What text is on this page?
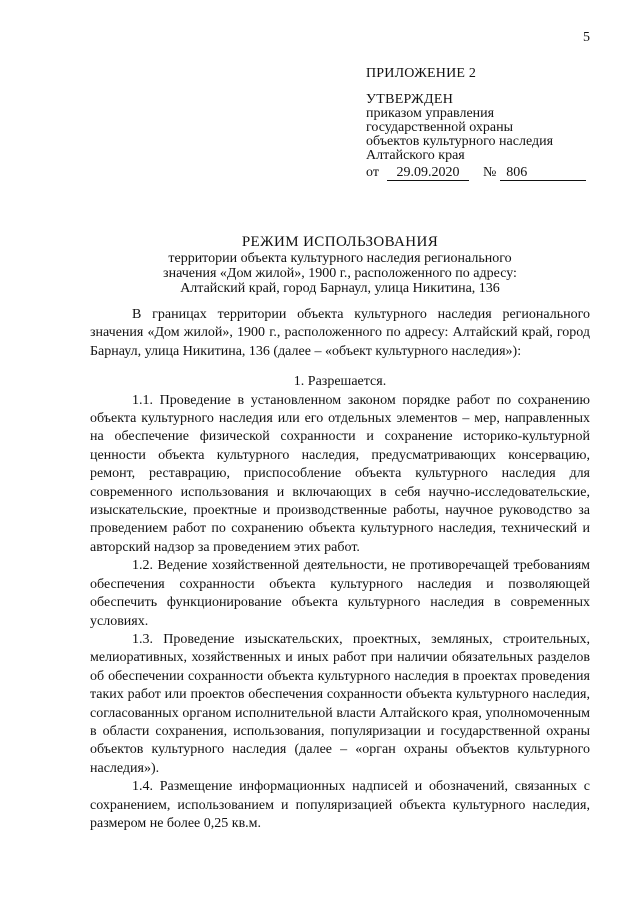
5
ПРИЛОЖЕНИЕ 2
УТВЕРЖДЕН
приказом управления
государственной охраны
объектов культурного наследия
Алтайского края
от 29.09.2020 № 806
РЕЖИМ ИСПОЛЬЗОВАНИЯ
территории объекта культурного наследия регионального
значения «Дом жилой», 1900 г., расположенного по адресу:
Алтайский край, город Барнаул, улица Никитина, 136

В границах территории объекта культурного наследия регионального значения «Дом жилой», 1900 г., расположенного по адресу: Алтайский край, город Барнаул, улица Никитина, 136 (далее – «объект культурного наследия»):

1. Разрешается.

1.1. Проведение в установленном законом порядке работ по сохранению объекта культурного наследия или его отдельных элементов – мер, направленных на обеспечение физической сохранности и сохранение историко-культурной ценности объекта культурного наследия, предусматривающих консервацию, ремонт, реставрацию, приспособление объекта культурного наследия для современного использования и включающих в себя научно-исследовательские, изыскательские, проектные и производственные работы, научное руководство за проведением работ по сохранению объекта культурного наследия, технический и авторский надзор за проведением этих работ.

1.2. Ведение хозяйственной деятельности, не противоречащей требованиям обеспечения сохранности объекта культурного наследия и позволяющей обеспечить функционирование объекта культурного наследия в современных условиях.

1.3. Проведение изыскательских, проектных, земляных, строительных, мелиоративных, хозяйственных и иных работ при наличии обязательных разделов об обеспечении сохранности объекта культурного наследия в проектах проведения таких работ или проектов обеспечения сохранности объекта культурного наследия, согласованных органом исполнительной власти Алтайского края, уполномоченным в области сохранения, использования, популяризации и государственной охраны объектов культурного наследия (далее – «орган охраны объектов культурного наследия»).

1.4. Размещение информационных надписей и обозначений, связанных с сохранением, использованием и популяризацией объекта культурного наследия, размером не более 0,25 кв.м.
